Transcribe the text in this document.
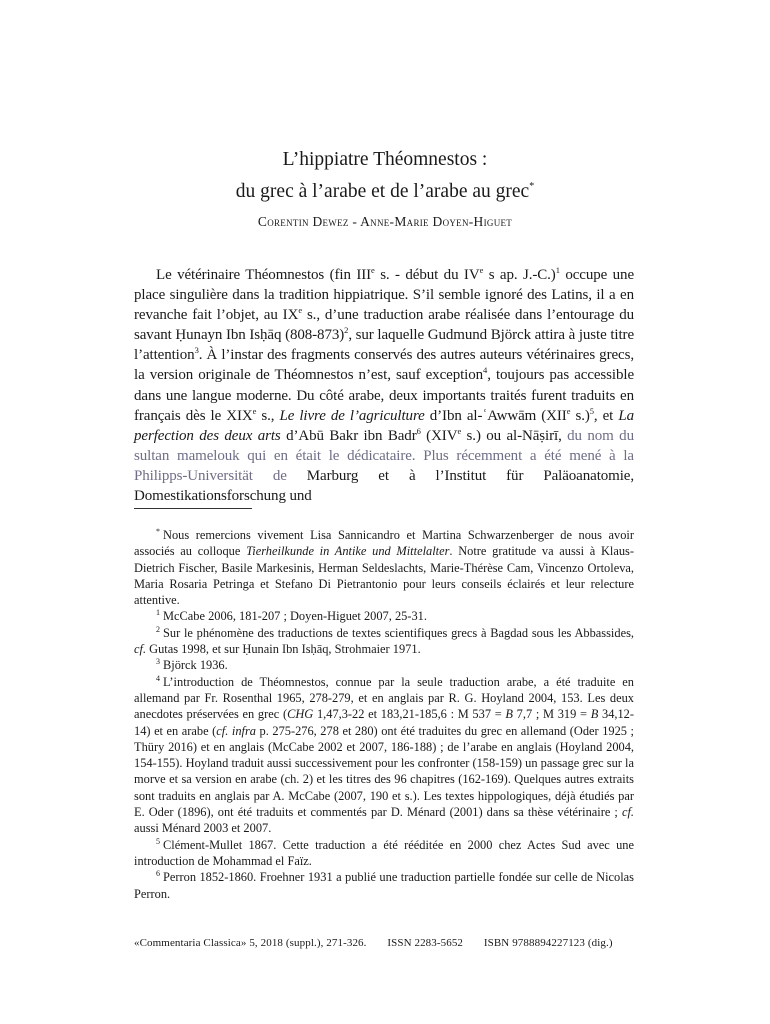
L’hippiatre Théomnestos :
du grec à l’arabe et de l’arabe au grec*
Corentin Dewez - Anne-Marie Doyen-Higuet

Le vétérinaire Théomnestos (fin IIIe s. - début du IVe s ap. J.-C.)$^1$ occupe une place singulière dans la tradition hippiatrique. S’il semble ignoré des Latins, il a en revanche fait l’objet, au IXe s., d’une traduction arabe réalisée dans l’entourage du savant Ḥunayn Ibn Isḥāq $(808-873)^2$, sur laquelle Gudmund Björck attira à juste titre l’attention$^3$. À l’instar des fragments conservés des autres auteurs vétérinaires grecs, la version originale de Théomnestos n’est, sauf exception$^4$, toujours pas accessible dans une langue moderne. Du côté arabe, deux importants traités furent traduits en français dès le XIXe s., Le livre de l’agriculture d’Ibn al-ʿAwwām (XIIe s.)$^5$, et La perfection des deux arts d’Abū Bakr ibn Badr$^6$ (XIVe s.) ou al-Nāṣirī, du nom du sultan mamelouk qui en était le dédicataire. Plus récemment a été mené à la Philipps-Universität de Marburg et à l’Institut für Paläoanatomie, Domestikationsforschung und

* Nous remercions vivement Lisa Sannicandro et Martina Schwarzenberger de nous avoir associés au colloque Tierheilkunde in Antike und Mittelalter. Notre gratitude va aussi à Klaus-Dietrich Fischer, Basile Markesinis, Herman Seldeslachts, Marie-Thérèse Cam, Vincenzo Ortoleva, Maria Rosaria Petringa et Stefano Di Pietrantonio pour leurs conseils éclairés et leur relecture attentive.

$^1$ McCabe 2006, 181-207 ; Doyen-Higuet 2007, 25-31.

$^2$ Sur le phénomène des traductions de textes scientifiques grecs à Bagdad sous les Abbassides, cf. Gutas 1998, et sur Ḥunain Ibn Isḥāq, Strohmaier 1971.

$^3$ Björck 1936.

$^4$ L’introduction de Théomnestos, connue par la seule traduction arabe, a été traduite en allemand par Fr. Rosenthal 1965, 278-279, et en anglais par R. G. Hoyland 2004, 153. Les deux anecdotes préservées en grec (CHG 1,47,3-22 et 183,21-185,6 : M 537 = B 7,7 ; M 319 = B 34,12-14) et en arabe (cf. infra p. 275-276, 278 et 280) ont été traduites du grec en allemand (Oder 1925 ; Thüry 2016) et en anglais (McCabe 2002 et 2007, 186-188) ; de l’arabe en anglais (Hoyland 2004, 154-155). Hoyland traduit aussi successivement pour les confronter (158-159) un passage grec sur la morve et sa version en arabe (ch. 2) et les titres des 96 chapitres (162-169). Quelques autres extraits sont traduits en anglais par A. McCabe (2007, 190 et s.). Les textes hippologiques, déjà étudiés par E. Oder (1896), ont été traduits et commentés par D. Ménard (2001) dans sa thèse vétérinaire ; cf. aussi Ménard 2003 et 2007.

$^5$ Clément-Mullet 1867. Cette traduction a été rééditée en 2000 chez Actes Sud avec une introduction de Mohammad el Faïz.

$^6$ Perron 1852-1860. Froehner 1931 a publié une traduction partielle fondée sur celle de Nicolas Perron.

«Commentaria Classica» 5, 2018 (suppl.), 271-326. ISSN 2283-5652 ISBN 9788894227123 (dig.)
